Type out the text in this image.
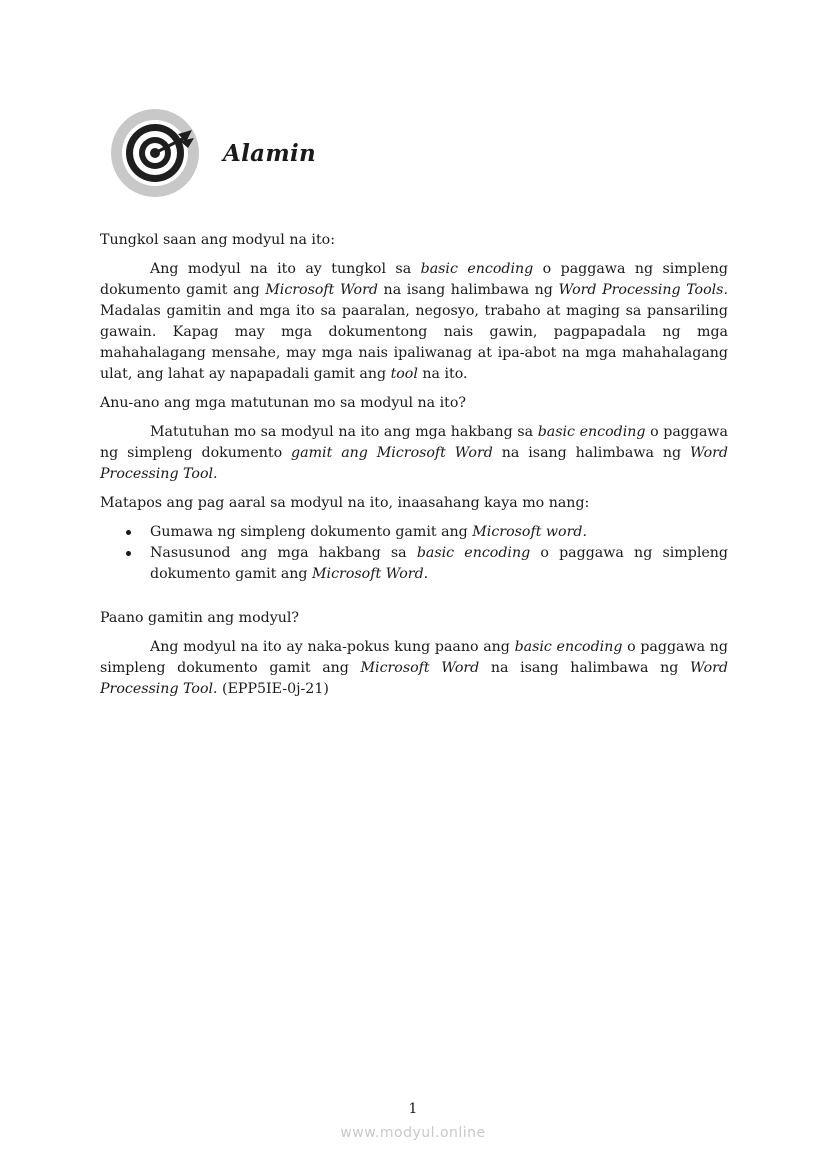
Alamin

Tungkol saan ang modyul na ito:

Ang modyul na ito ay tungkol sa basic encoding o paggawa ng simpleng dokumento gamit ang Microsoft Word na isang halimbawa ng Word Processing Tools. Madalas gamitin and mga ito sa paaralan, negosyo, trabaho at maging sa pansariling gawain. Kapag may mga dokumentong nais gawin, pagpapadala ng mga mahahalagang mensahe, may mga nais ipaliwanag at ipa-abot na mga mahahalagang ulat, ang lahat ay napapadali gamit ang tool na ito.

Anu-ano ang mga matutunan mo sa modyul na ito?

Matutuhan mo sa modyul na ito ang mga hakbang sa basic encoding o paggawa ng simpleng dokumento gamit ang Microsoft Word na isang halimbawa ng Word Processing Tool.

Matapos ang pag aaral sa modyul na ito, inaasahang kaya mo nang:

Gumawa ng simpleng dokumento gamit ang Microsoft word.
Nasusunod ang mga hakbang sa basic encoding o paggawa ng simpleng dokumento gamit ang Microsoft Word.

Paano gamitin ang modyul?

Ang modyul na ito ay naka-pokus kung paano ang basic encoding o paggawa ng simpleng dokumento gamit ang Microsoft Word na isang halimbawa ng Word Processing Tool. (EPP5IE-0j-21)

1
www.modyul.online
